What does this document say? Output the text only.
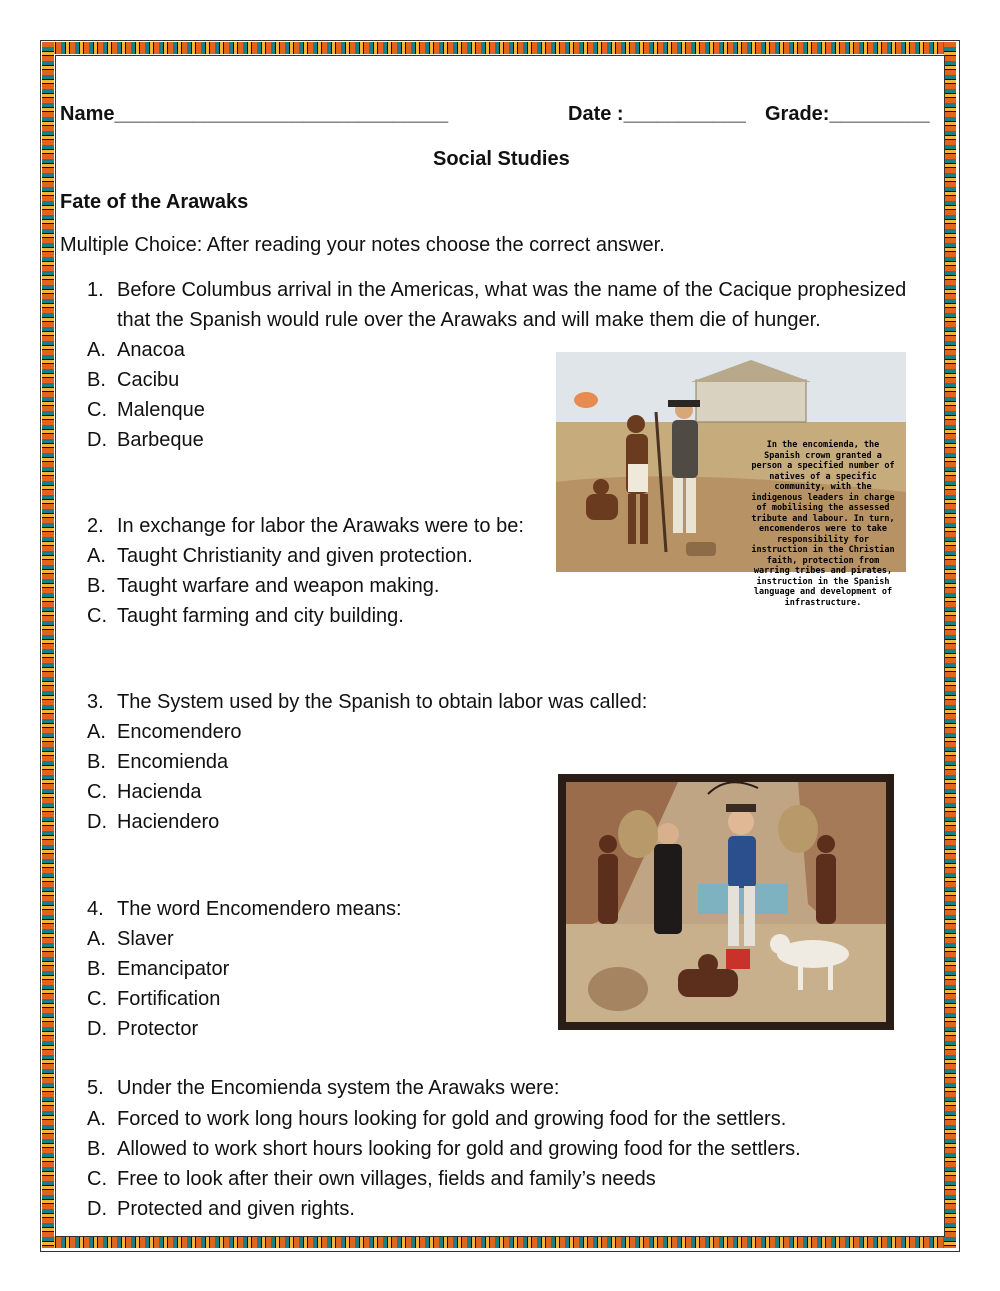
Name______________________________	Date :___________ Grade:_________
Social Studies
Fate of the Arawaks
Multiple Choice: After reading your notes choose the correct answer.
1. Before Columbus arrival in the Americas, what was the name of the Cacique prophesized
that the Spanish would rule over the Arawaks and will make them die of hunger.
A. Anacoa
B. Cacibu
C. Malenque
D. Barbeque
2. In exchange for labor the Arawaks were to be:
A. Taught Christianity and given protection.
B. Taught warfare and weapon making.
C. Taught farming and city building.
3. The System used by the Spanish to obtain labor was called:
A. Encomendero
B. Encomienda
C. Hacienda
D. Haciendero
4. The word Encomendero means:
A. Slaver
B. Emancipator
C. Fortification
D. Protector
5. Under the Encomienda system the Arawaks were:
A. Forced to work long hours looking for gold and growing food for the settlers.
B. Allowed to work short hours looking for gold and growing food for the settlers.
C. Free to look after their own villages, fields and family’s needs
D. Protected and given rights.
In the encomienda, the Spanish crown granted a person a specified number of natives of a specific community, with the indigenous leaders in charge of mobilising the assessed tribute and labour. In turn, encomenderos were to take responsibility for instruction in the Christian faith, protection from warring tribes and pirates, instruction in the Spanish language and development of infrastructure.
